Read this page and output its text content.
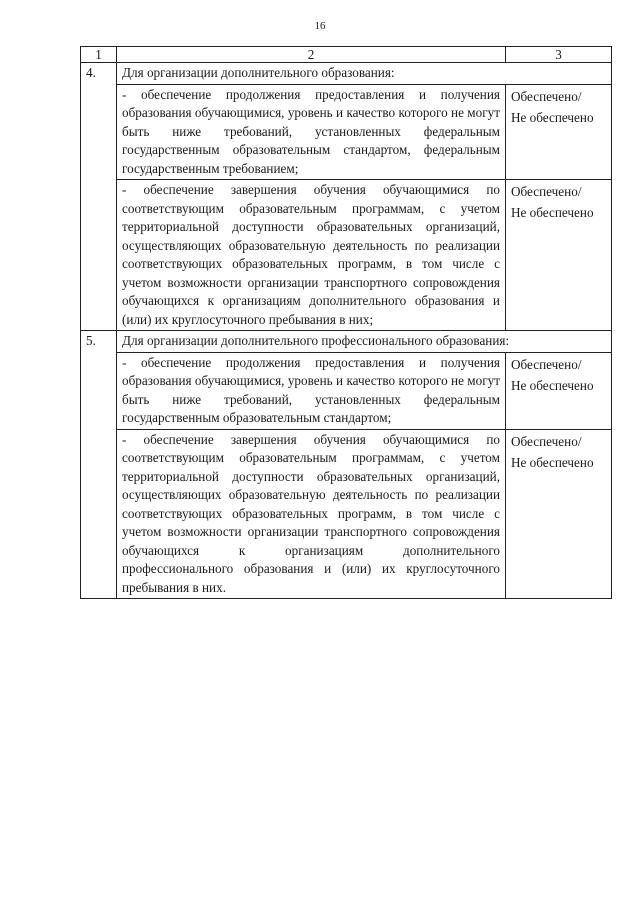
16
1	2	3
4.	Для организации дополнительного образования:	
	- обеспечение продолжения предоставления и получения образования обучающимися, уровень и качество которого не могут быть ниже требований, установленных федеральным государственным образовательным стандартом, федеральным государственным требованием;	Обеспечено/
Не обеспечено

	- обеспечение завершения обучения обучающимися по соответствующим образовательным программам, с учетом территориальной доступности образовательных организаций, осуществляющих образовательную деятельность по реализации соответствующих образовательных программ, в том числе с учетом возможности организации транспортного сопровождения обучающихся к организациям дополнительного образования и (или) их круглосуточного пребывания в них;	Обеспечено/
Не обеспечено

5.	Для организации дополнительного профессионального образования:	
	- обеспечение продолжения предоставления и получения образования обучающимися, уровень и качество которого не могут быть ниже требований, установленных федеральным государственным образовательным стандартом;	Обеспечено/
Не обеспечено

	- обеспечение завершения обучения обучающимися по соответствующим образовательным программам, с учетом территориальной доступности образовательных организаций, осуществляющих образовательную деятельность по реализации соответствующих образовательных программ, в том числе с учетом возможности организации транспортного сопровождения обучающихся к организациям дополнительного профессионального образования и (или) их круглосуточного пребывания в них.	Обеспечено/
Не обеспечено
